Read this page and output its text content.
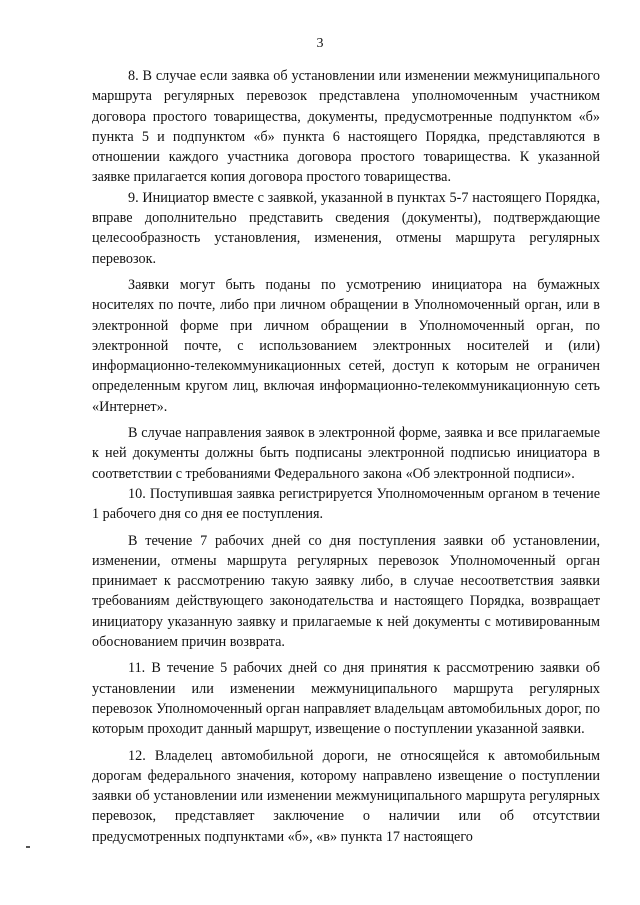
3

8. В случае если заявка об установлении или изменении межмуниципального маршрута регулярных перевозок представлена уполномоченным участником договора простого товарищества, документы, предусмотренные подпунктом «б» пункта 5 и подпунктом «б» пункта 6 настоящего Порядка, представляются в отношении каждого участника договора простого товарищества. К указанной заявке прилагается копия договора простого товарищества.

9. Инициатор вместе с заявкой, указанной в пунктах 5-7 настоящего Порядка, вправе дополнительно представить сведения (документы), подтверждающие целесообразность установления, изменения, отмены маршрута регулярных перевозок.

Заявки могут быть поданы по усмотрению инициатора на бумажных носителях по почте, либо при личном обращении в Уполномоченный орган, или в электронной форме при личном обращении в Уполномоченный орган, по электронной почте, с использованием электронных носителей и (или) информационно-телекоммуникационных сетей, доступ к которым не ограничен определенным кругом лиц, включая информационно-телекоммуникационную сеть «Интернет».

В случае направления заявок в электронной форме, заявка и все прилагаемые к ней документы должны быть подписаны электронной подписью инициатора в соответствии с требованиями Федерального закона «Об электронной подписи».

10. Поступившая заявка регистрируется Уполномоченным органом в течение 1 рабочего дня со дня ее поступления.

В течение 7 рабочих дней со дня поступления заявки об установлении, изменении, отмены маршрута регулярных перевозок Уполномоченный орган принимает к рассмотрению такую заявку либо, в случае несоответствия заявки требованиям действующего законодательства и настоящего Порядка, возвращает инициатору указанную заявку и прилагаемые к ней документы с мотивированным обоснованием причин возврата.

11. В течение 5 рабочих дней со дня принятия к рассмотрению заявки об установлении или изменении межмуниципального маршрута регулярных перевозок Уполномоченный орган направляет владельцам автомобильных дорог, по которым проходит данный маршрут, извещение о поступлении указанной заявки.

12. Владелец автомобильной дороги, не относящейся к автомобильным дорогам федерального значения, которому направлено извещение о поступлении заявки об установлении или изменении межмуниципального маршрута регулярных перевозок, представляет заключение о наличии или об отсутствии предусмотренных подпунктами «б», «в» пункта 17 настоящего
